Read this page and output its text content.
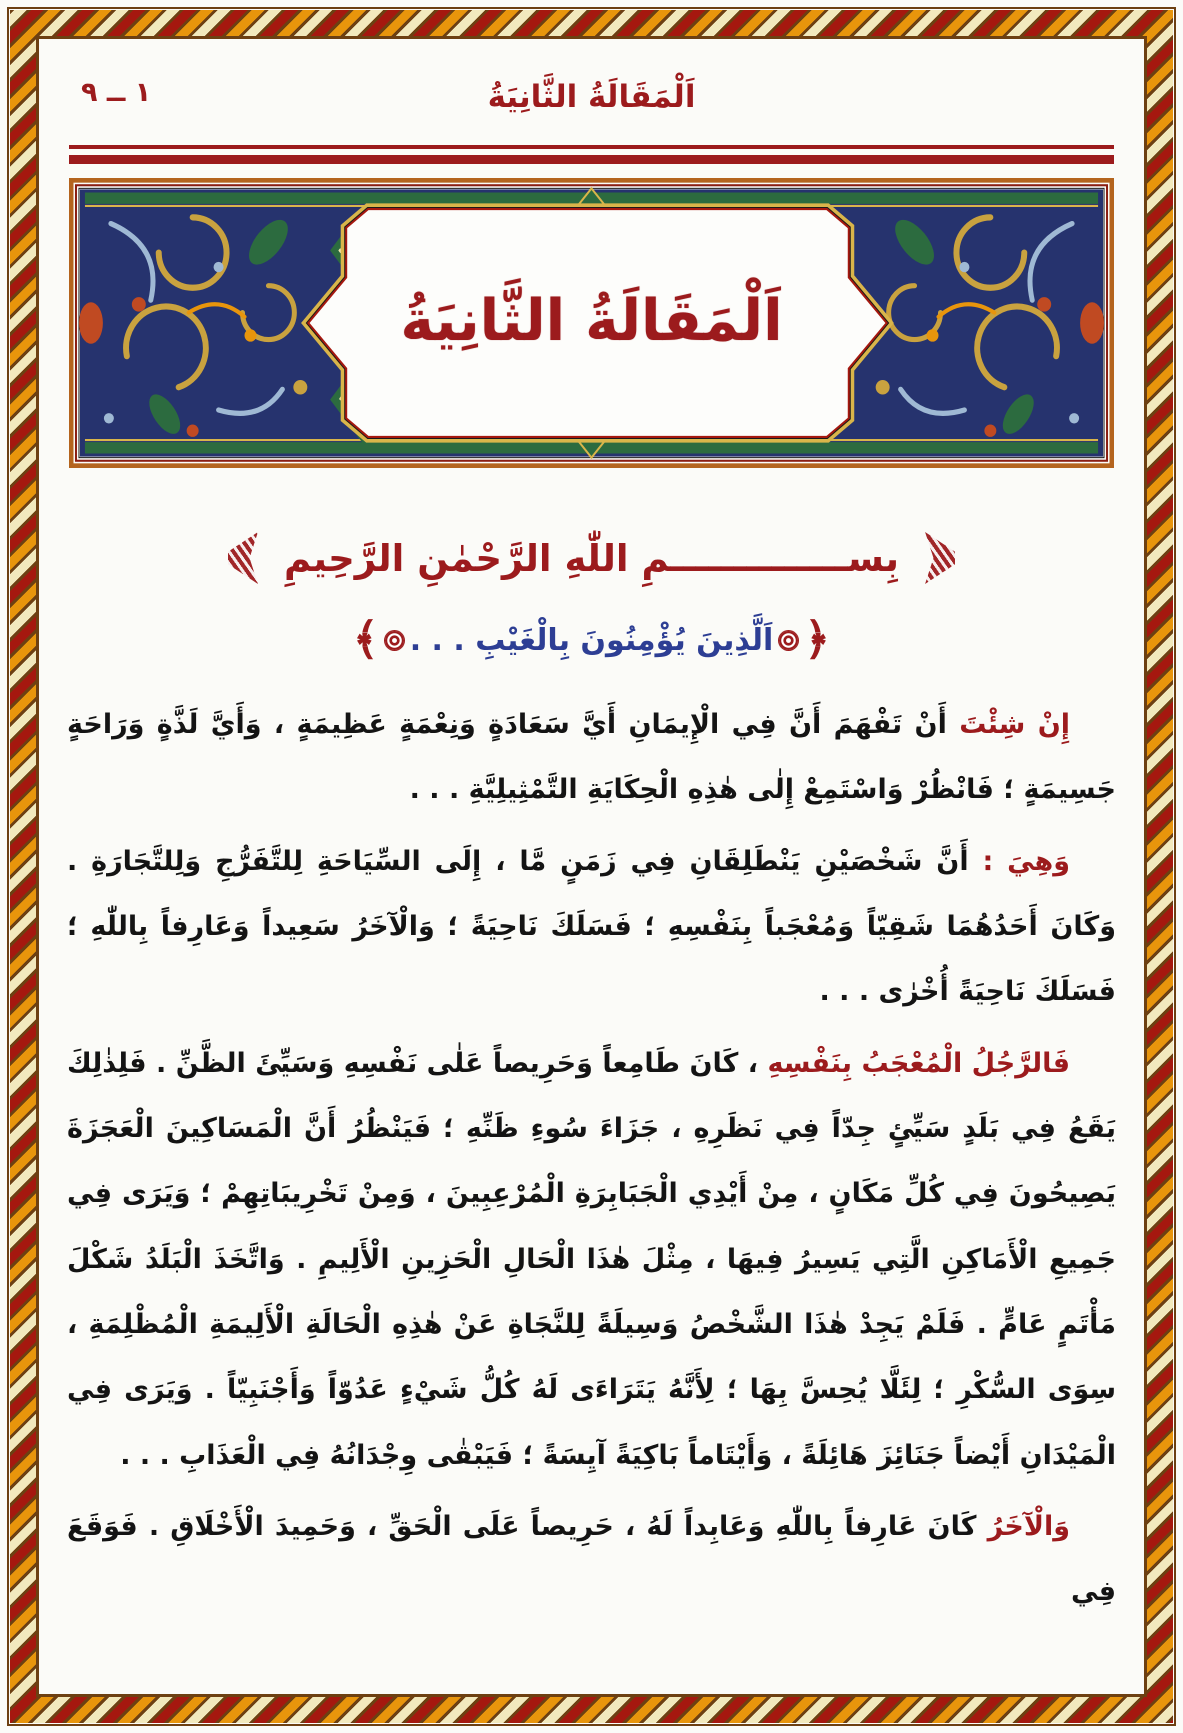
اَلْمَقَالَةُ الثَّانِيَةُ
١ ــ ٩
اَلْمَقَالَةُ الثَّانِيَةُ
بِســــــــــــــمِ اللّٰهِ الرَّحْمٰنِ الرَّحِيمِ
﴿
اَلَّذِينَ يُؤْمِنُونَ بِالْغَيْبِ . . .
﴾

إِنْ شِئْتَ أَنْ تَفْهَمَ أَنَّ فِي الْإِيمَانِ أَيَّ سَعَادَةٍ وَنِعْمَةٍ عَظِيمَةٍ ، وَأَيَّ لَذَّةٍ وَرَاحَةٍ جَسِيمَةٍ ؛ فَانْظُرْ وَاسْتَمِعْ إِلٰى هٰذِهِ الْحِكَايَةِ التَّمْثِيلِيَّةِ . . .

وَهِيَ : أَنَّ شَخْصَيْنِ يَنْطَلِقَانِ فِي زَمَنٍ مَّا ، إِلَى السِّيَاحَةِ لِلتَّفَرُّجِ وَلِلتَّجَارَةِ . وَكَانَ أَحَدُهُمَا شَقِيّاً وَمُعْجَباً بِنَفْسِهِ ؛ فَسَلَكَ نَاحِيَةً ؛ وَالْآخَرُ سَعِيداً وَعَارِفاً بِاللّٰهِ ؛ فَسَلَكَ نَاحِيَةً أُخْرٰى . . .

فَالرَّجُلُ الْمُعْجَبُ بِنَفْسِهِ ، كَانَ طَامِعاً وَحَرِيصاً عَلٰى نَفْسِهِ وَسَيِّئَ الظَّنِّ . فَلِذٰلِكَ يَقَعُ فِي بَلَدٍ سَيِّئٍ جِدّاً فِي نَظَرِهِ ، جَزَاءَ سُوءِ ظَنِّهِ ؛ فَيَنْظُرُ أَنَّ الْمَسَاكِينَ الْعَجَزَةَ يَصِيحُونَ فِي كُلِّ مَكَانٍ ، مِنْ أَيْدِي الْجَبَابِرَةِ الْمُرْعِبِينَ ، وَمِنْ تَخْرِيبَاتِهِمْ ؛ وَيَرَى فِي جَمِيعِ الْأَمَاكِنِ الَّتِي يَسِيرُ فِيهَا ، مِثْلَ هٰذَا الْحَالِ الْحَزِينِ الْأَلِيمِ . وَاتَّخَذَ الْبَلَدُ شَكْلَ مَأْتَمٍ عَامٍّ . فَلَمْ يَجِدْ هٰذَا الشَّخْصُ وَسِيلَةً لِلنَّجَاةِ عَنْ هٰذِهِ الْحَالَةِ الْأَلِيمَةِ الْمُظْلِمَةِ ، سِوَى السُّكْرِ ؛ لِئَلَّا يُحِسَّ بِهَا ؛ لِأَنَّهُ يَتَرَاءَى لَهُ كُلُّ شَيْءٍ عَدُوّاً وَأَجْنَبِيّاً . وَيَرَى فِي الْمَيْدَانِ أَيْضاً جَنَائِزَ هَائِلَةً ، وَأَيْتَاماً بَاكِيَةً آيِسَةً ؛ فَيَبْقٰى وِجْدَانُهُ فِي الْعَذَابِ . . .

وَالْآخَرُ كَانَ عَارِفاً بِاللّٰهِ وَعَابِداً لَهُ ، حَرِيصاً عَلَى الْحَقِّ ، وَحَمِيدَ الْأَخْلَاقِ . فَوَقَعَ فِي
